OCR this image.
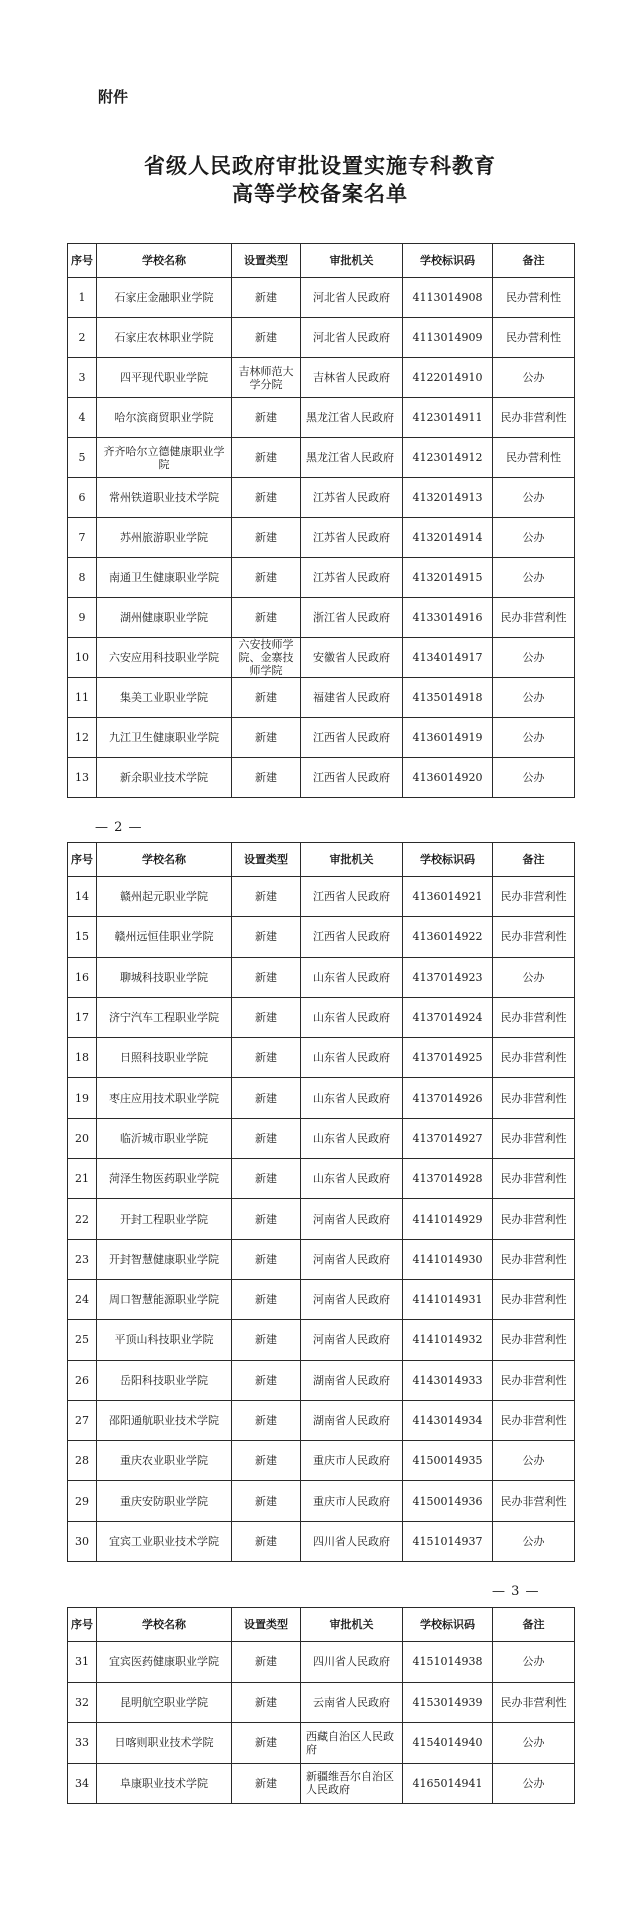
附件
省级人民政府审批设置实施专科教育
高等学校备案名单
序号	学校名称	设置类型	审批机关	学校标识码	备注
1	石家庄金融职业学院	新建	河北省人民政府	4113014908	民办营利性
2	石家庄农林职业学院	新建	河北省人民政府	4113014909	民办营利性
3	四平现代职业学院	吉林师范大学分院	吉林省人民政府	4122014910	公办
4	哈尔滨商贸职业学院	新建	黑龙江省人民政府	4123014911	民办非营利性
5	齐齐哈尔立德健康职业学院	新建	黑龙江省人民政府	4123014912	民办营利性
6	常州铁道职业技术学院	新建	江苏省人民政府	4132014913	公办
7	苏州旅游职业学院	新建	江苏省人民政府	4132014914	公办
8	南通卫生健康职业学院	新建	江苏省人民政府	4132014915	公办
9	湖州健康职业学院	新建	浙江省人民政府	4133014916	民办非营利性
10	六安应用科技职业学院	六安技师学院、金寨技师学院	安徽省人民政府	4134014917	公办
11	集美工业职业学院	新建	福建省人民政府	4135014918	公办
12	九江卫生健康职业学院	新建	江西省人民政府	4136014919	公办
13	新余职业技术学院	新建	江西省人民政府	4136014920	公办
— 2 —
序号	学校名称	设置类型	审批机关	学校标识码	备注
14	赣州起元职业学院	新建	江西省人民政府	4136014921	民办非营利性
15	赣州远恒佳职业学院	新建	江西省人民政府	4136014922	民办非营利性
16	聊城科技职业学院	新建	山东省人民政府	4137014923	公办
17	济宁汽车工程职业学院	新建	山东省人民政府	4137014924	民办非营利性
18	日照科技职业学院	新建	山东省人民政府	4137014925	民办非营利性
19	枣庄应用技术职业学院	新建	山东省人民政府	4137014926	民办非营利性
20	临沂城市职业学院	新建	山东省人民政府	4137014927	民办非营利性
21	菏泽生物医药职业学院	新建	山东省人民政府	4137014928	民办非营利性
22	开封工程职业学院	新建	河南省人民政府	4141014929	民办非营利性
23	开封智慧健康职业学院	新建	河南省人民政府	4141014930	民办非营利性
24	周口智慧能源职业学院	新建	河南省人民政府	4141014931	民办非营利性
25	平顶山科技职业学院	新建	河南省人民政府	4141014932	民办非营利性
26	岳阳科技职业学院	新建	湖南省人民政府	4143014933	民办非营利性
27	邵阳通航职业技术学院	新建	湖南省人民政府	4143014934	民办非营利性
28	重庆农业职业学院	新建	重庆市人民政府	4150014935	公办
29	重庆安防职业学院	新建	重庆市人民政府	4150014936	民办非营利性
30	宜宾工业职业技术学院	新建	四川省人民政府	4151014937	公办
— 3 —
序号	学校名称	设置类型	审批机关	学校标识码	备注
31	宜宾医药健康职业学院	新建	四川省人民政府	4151014938	公办
32	昆明航空职业学院	新建	云南省人民政府	4153014939	民办非营利性
33	日喀则职业技术学院	新建	西藏自治区人民政府	4154014940	公办
34	阜康职业技术学院	新建	新疆维吾尔自治区人民政府	4165014941	公办
